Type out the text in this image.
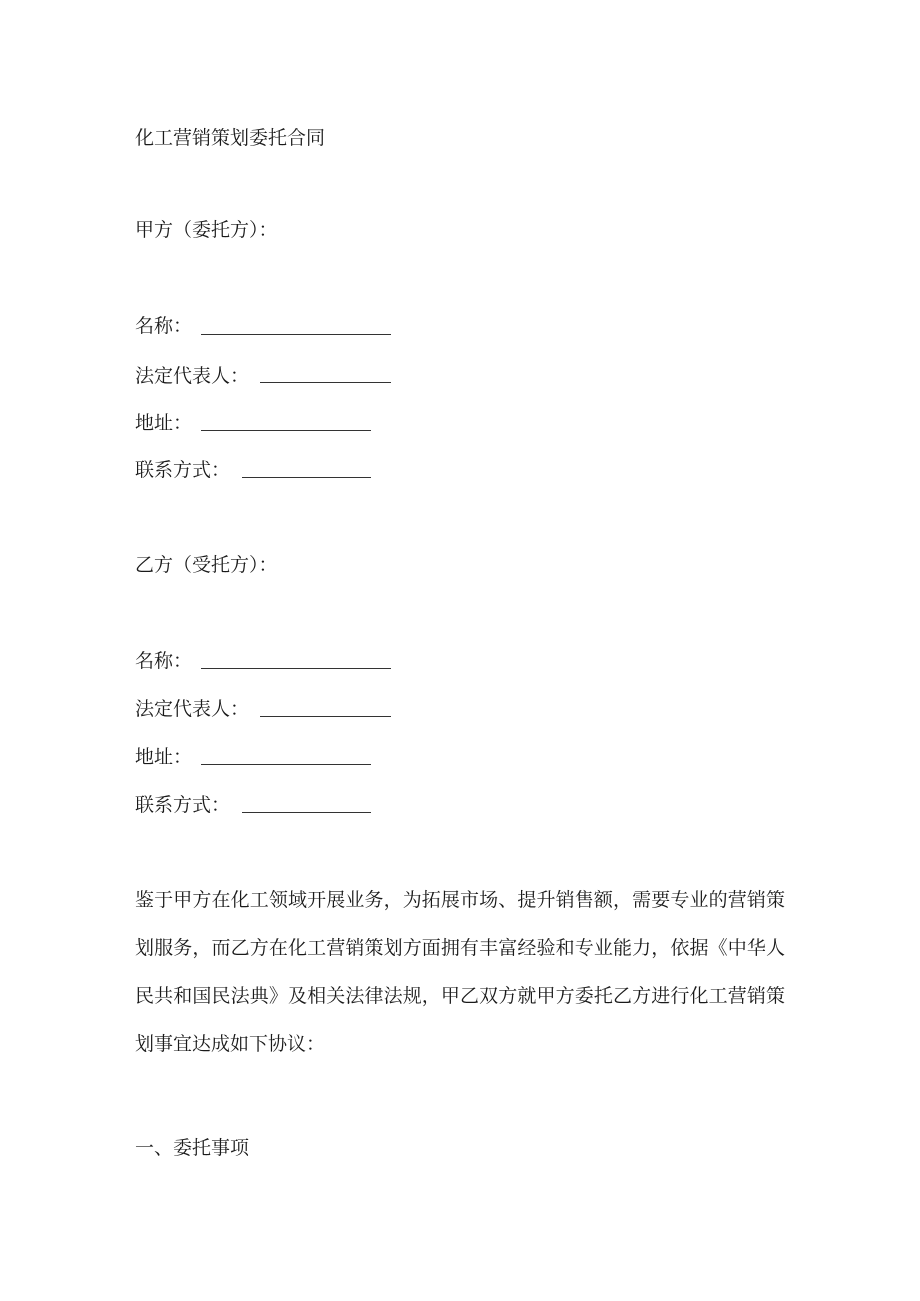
化工营销策划委托合同
甲方（委托方）：
名称：
法定代表人：
地址：
联系方式：
乙方（受托方）：
名称：
法定代表人：
地址：
联系方式：
鉴于甲方在化工领域开展业务，为拓展市场、提升销售额，需要专业的营销策划服务，而乙方在化工营销策划方面拥有丰富经验和专业能力，依据《中华人民共和国民法典》及相关法律法规，甲乙双方就甲方委托乙方进行化工营销策划事宜达成如下协议：
一、委托事项
